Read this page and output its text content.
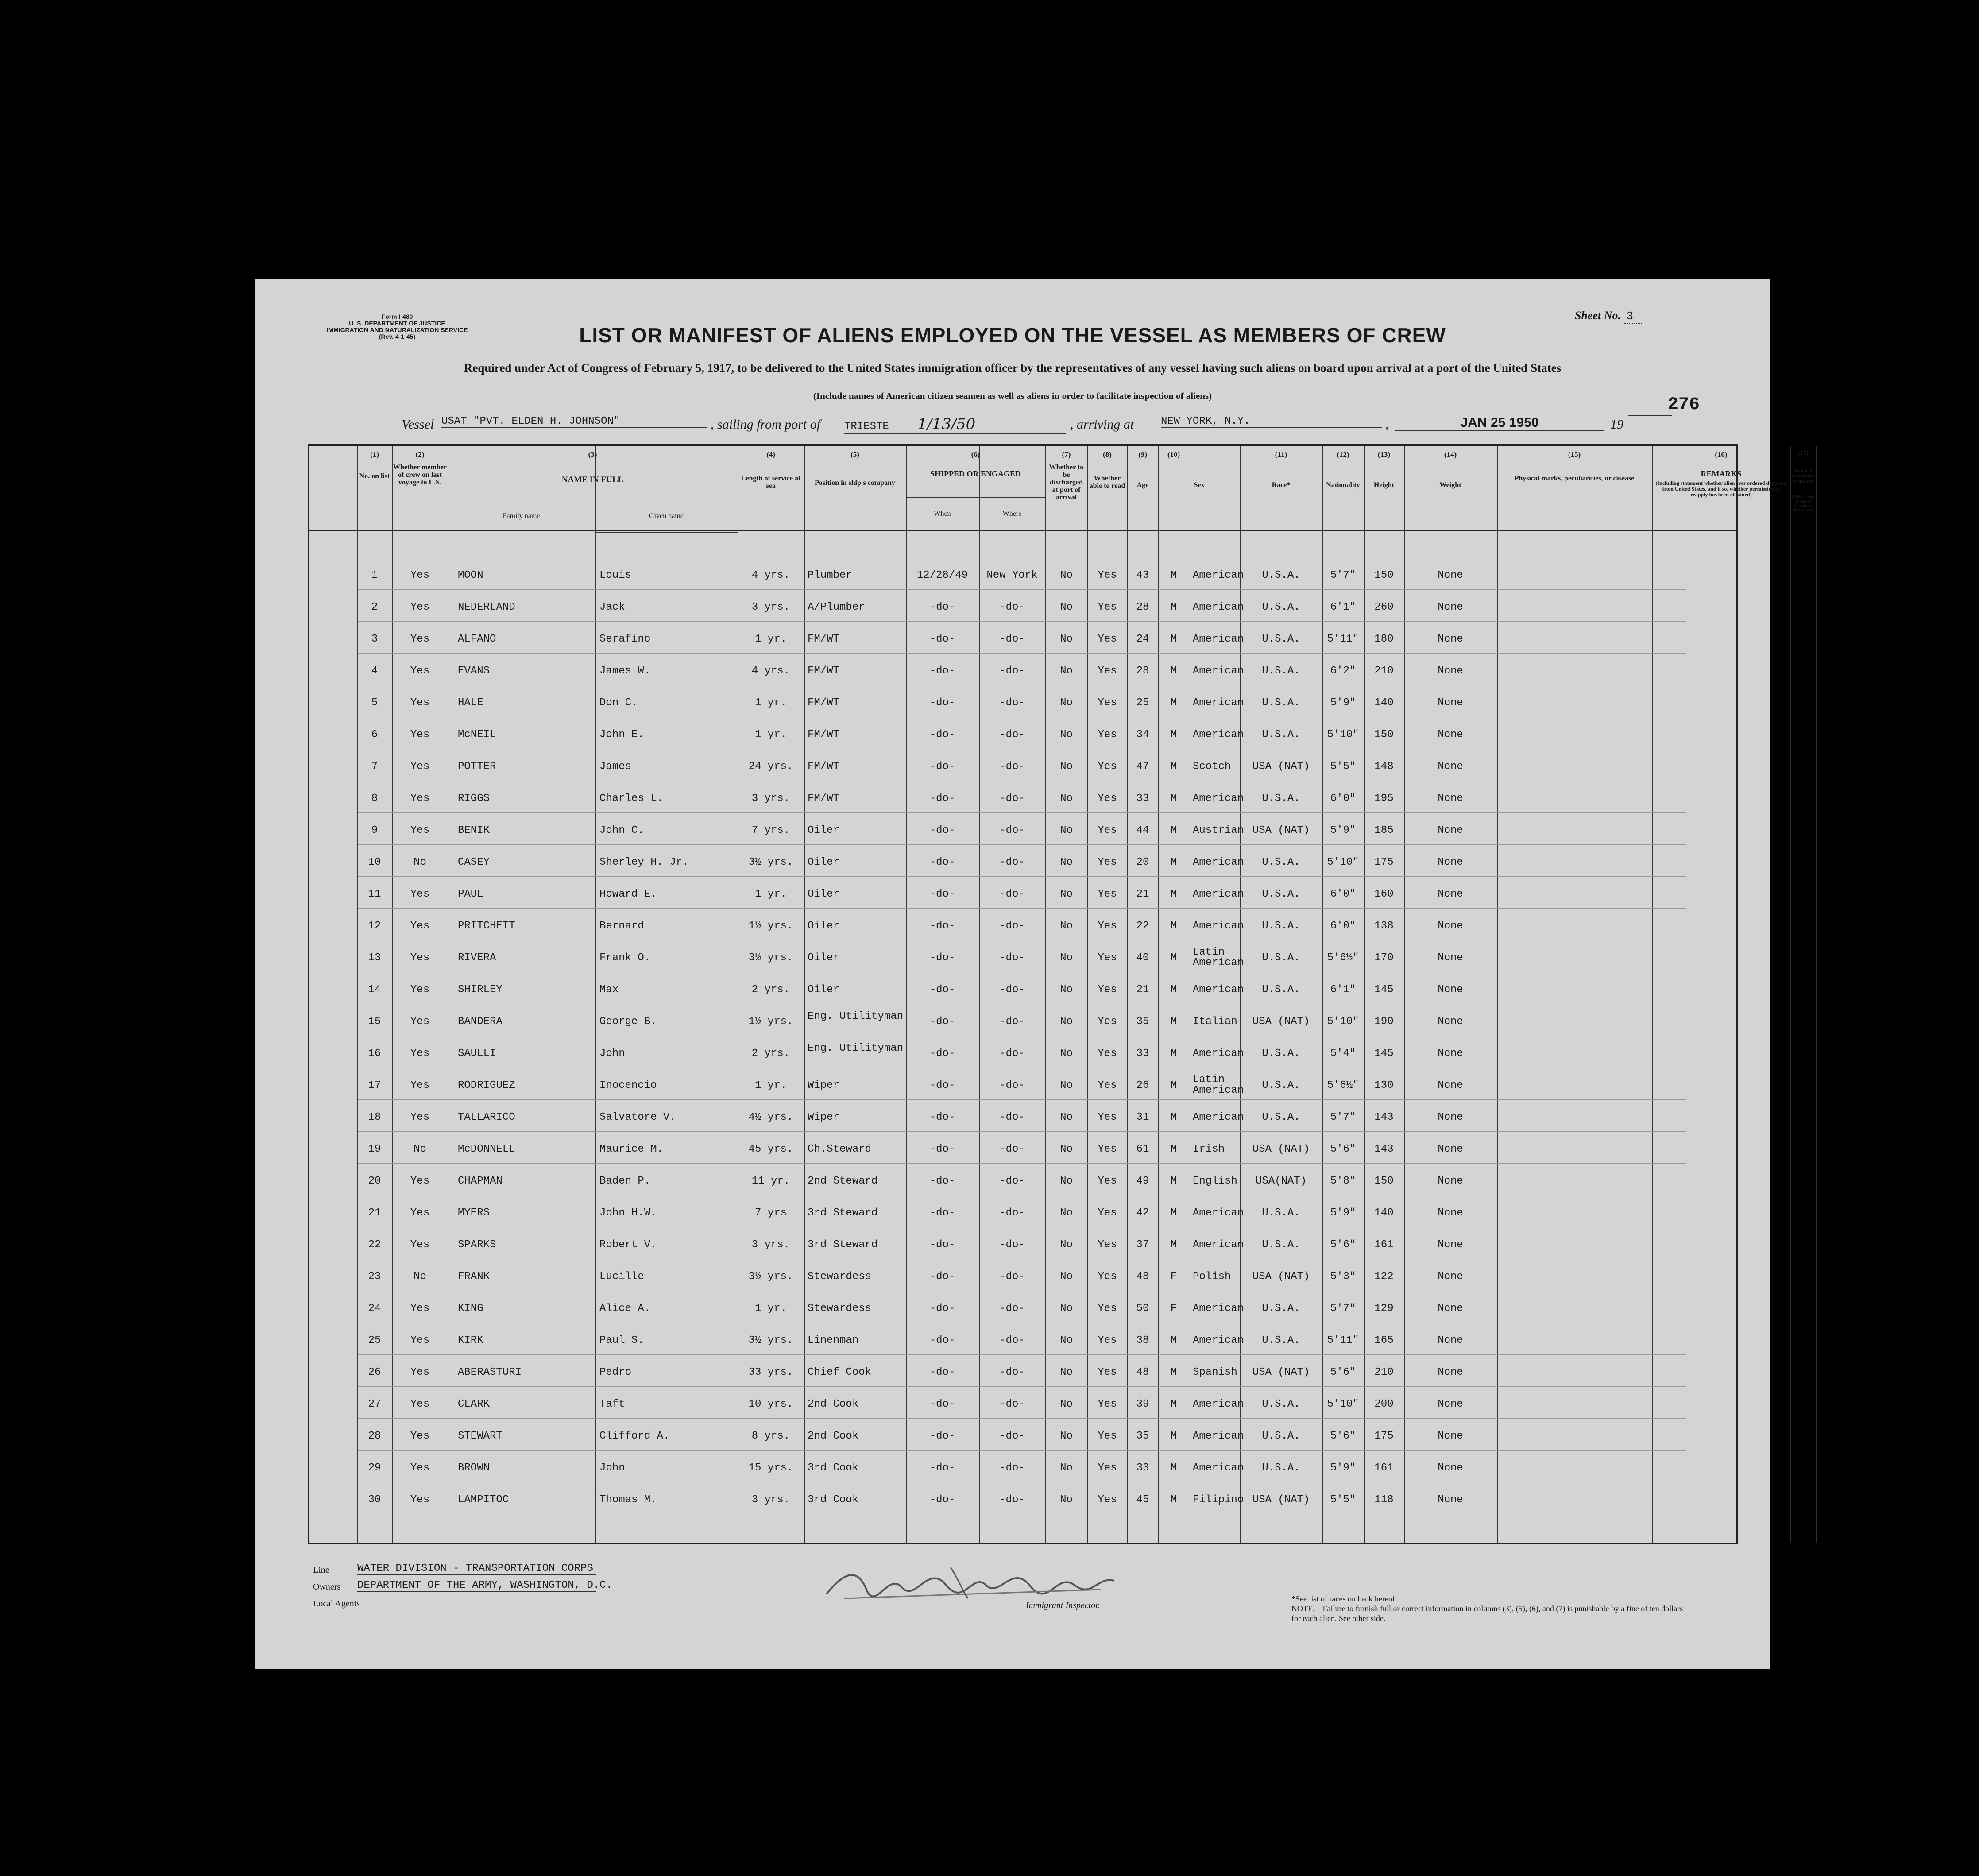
Form I-480
U. S. DEPARTMENT OF JUSTICE
IMMIGRATION AND NATURALIZATION SERVICE
(Rev. 4-1-45)
Sheet No. 3
LIST OR MANIFEST OF ALIENS EMPLOYED ON THE VESSEL AS MEMBERS OF CREW
Required under Act of Congress of February 5, 1917, to be delivered to the United States immigration officer by the representatives of any vessel having such aliens on board upon arrival at a port of the United States
(Include names of American citizen seamen as well as aliens in order to facilitate inspection of aliens)	276
Vessel USAT "PVT. ELDEN H. JOHNSON"	, sailing from port of TRIESTE 1/13/50	, arriving at	NEW YORK, N.Y.	,	JAN 25 1950	19
(1)	(2)	(3)	(4)	(5)	(6)	(7)	(8)	(9)	(10)	(11)	(12)	(13)	(14)	(15)	(16)	(17)
No. on list
Whether member of crew on last voyage to U.S.	NAME IN FULL
Family name	Given name
Length of service at sea	Position in ship's company
SHIPPED OR ENGAGED
When	Where
Whether to be discharged at port of arrival
Whether able to read	Age	Sex	Race*	Nationality	Height	Weight
Physical marks, peculiarities, or disease
REMARKS
(Including statement whether alien ever ordered deported from United States, and if so, whether permission to reapply has been obtained)
Action of Immigrant Inspector
(This column for use of Government officials only)
1	Yes	MOON	Louis	4 yrs.	Plumber	12/28/49	New York	No	Yes	43	M	American	U.S.A.	5'7"	150	None
2	Yes	NEDERLAND	Jack	3 yrs.	A/Plumber	-do-	-do-	No	Yes	28	M	American	U.S.A.	6'1"	260	None
3	Yes	ALFANO	Serafino	1 yr.	FM/WT	-do-	-do-	No	Yes	24	M	American	U.S.A.	5'11"	180	None
4	Yes	EVANS	James W.	4 yrs.	FM/WT	-do-	-do-	No	Yes	28	M	American	U.S.A.	6'2"	210	None
5	Yes	HALE	Don C.	1 yr.	FM/WT	-do-	-do-	No	Yes	25	M	American	U.S.A.	5'9"	140	None
6	Yes	McNEIL	John E.	1 yr.	FM/WT	-do-	-do-	No	Yes	34	M	American	U.S.A.	5'10"	150	None
7	Yes	POTTER	James	24 yrs.	FM/WT	-do-	-do-	No	Yes	47	M	Scotch	USA (NAT)	5'5"	148	None
8	Yes	RIGGS	Charles L.	3 yrs.	FM/WT	-do-	-do-	No	Yes	33	M	American	U.S.A.	6'0"	195	None
9	Yes	BENIK	John C.	7 yrs.	Oiler	-do-	-do-	No	Yes	44	M	Austrian USA (NAT)	5'9"	185	None
10	No	CASEY	Sherley H. Jr.	3½ yrs.	Oiler	-do-	-do-	No	Yes	20	M	American	U.S.A.	5'10"	175	None
11	Yes	PAUL	Howard E.	1 yr.	Oiler	-do-	-do-	No	Yes	21	M	American	U.S.A.	6'0"	160	None
12	Yes	PRITCHETT	Bernard	1½ yrs.	Oiler	-do-	-do-	No	Yes	22	M	American	U.S.A.	6'0"	138	None
13	Yes	RIVERA	Frank O.	3½ yrs.	Oiler	-do-	-do-	No	Yes	40	M	Latin American	U.S.A.	5'6½"	170	None
14	Yes	SHIRLEY	Max	2 yrs.	Oiler	-do-	-do-	No	Yes	21	M	American	U.S.A.	6'1"	145	None
15	Yes	BANDERA	George B.	1½ yrs.	Eng. Utilityman	-do-	-do-	No	Yes	35	M	Italian	USA (NAT)	5'10"	190	None
16	Yes	SAULLI	John	2 yrs.	Eng. Utilityman	-do-	-do-	No	Yes	33	M	American	U.S.A.	5'4"	145	None
17	Yes	RODRIGUEZ	Inocencio	1 yr.	Wiper	-do-	-do-	No	Yes	26	M	Latin American	U.S.A.	5'6½"	130	None
18	Yes	TALLARICO	Salvatore V.	4½ yrs.	Wiper	-do-	-do-	No	Yes	31	M	American	U.S.A.	5'7"	143	None
19	No	McDONNELL	Maurice M.	45 yrs.	Ch.Steward	-do-	-do-	No	Yes	61	M	Irish	USA (NAT)	5'6"	143	None
20	Yes	CHAPMAN	Baden P.	11 yr.	2nd Steward	-do-	-do-	No	Yes	49	M	English	USA(NAT)	5'8"	150	None
21	Yes	MYERS	John H.W.	7 yrs	3rd Steward	-do-	-do-	No	Yes	42	M	American	U.S.A.	5'9"	140	None
22	Yes	SPARKS	Robert V.	3 yrs.	3rd Steward	-do-	-do-	No	Yes	37	M	American	U.S.A.	5'6"	161	None
23	No	FRANK	Lucille	3½ yrs.	Stewardess	-do-	-do-	No	Yes	48	F	Polish	USA (NAT)	5'3"	122	None
24	Yes	KING	Alice A.	1 yr.	Stewardess	-do-	-do-	No	Yes	50	F	American	U.S.A.	5'7"	129	None
25	Yes	KIRK	Paul S.	3½ yrs.	Linenman	-do-	-do-	No	Yes	38	M	American	U.S.A.	5'11"	165	None
26	Yes	ABERASTURI	Pedro	33 yrs.	Chief Cook	-do-	-do-	No	Yes	48	M	Spanish	USA (NAT)	5'6"	210	None
27	Yes	CLARK	Taft	10 yrs.	2nd Cook	-do-	-do-	No	Yes	39	M	American	U.S.A.	5'10"	200	None
28	Yes	STEWART	Clifford A.	8 yrs.	2nd Cook	-do-	-do-	No	Yes	35	M	American	U.S.A.	5'6"	175	None
29	Yes	BROWN	John	15 yrs.	3rd Cook	-do-	-do-	No	Yes	33	M	American	U.S.A.	5'9"	161	None
30	Yes	LAMPITOC	Thomas M.	3 yrs.	3rd Cook	-do-	-do-	No	Yes	45	M	Filipino USA (NAT)	5'5"	118	None
Line	WATER DIVISION - TRANSPORTATION CORPS
Owners DEPARTMENT OF THE ARMY, WASHINGTON, D.C.
Local Agents	Immigrant Inspector.
*See list of races on back hereof.
NOTE.—Failure to furnish full or correct information in columns (3), (5), (6), and (7) is punishable by a fine of ten dollars for each alien. See other side.
